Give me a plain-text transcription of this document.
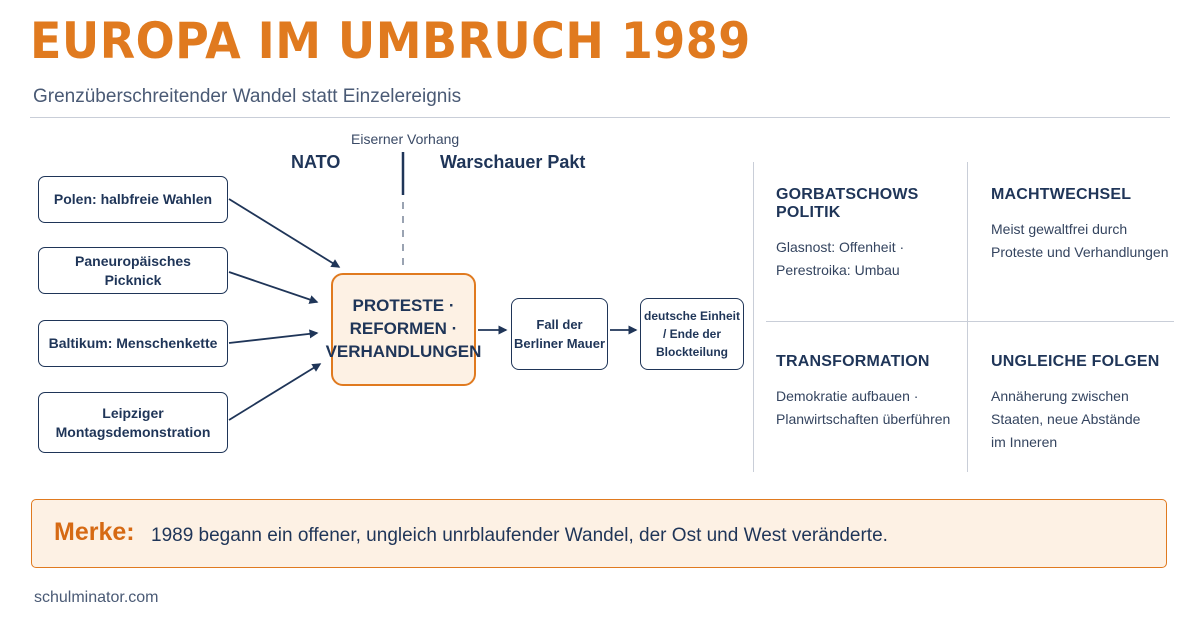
EUROPA IM UMBRUCH 1989
Grenzüberschreitender Wandel statt Einzelereignis
Eiserner Vorhang
NATO	Warschauer Pakt
Polen: halbfreie Wahlen
Paneuropäisches Picknick
Baltikum: Menschenkette
Leipziger Montagsdemonstration
PROTESTE · REFORMEN · VERHANDLUNGEN
Fall der Berliner Mauer
deutsche Einheit / Ende der Blockteilung
GORBATSCHOWS POLITIK
Glasnost: Offenheit · Perestroika: Umbau
MACHTWECHSEL
Meist gewaltfrei durch Proteste und Verhandlungen
TRANSFORMATION
Demokratie aufbauen · Planwirtschaften überführen
UNGLEICHE FOLGEN
Annäherung zwischen Staaten, neue Abstände im Inneren
Merke: 1989 begann ein offener, ungleich unrblaufender Wandel, der Ost und West veränderte.
schulminator.com
